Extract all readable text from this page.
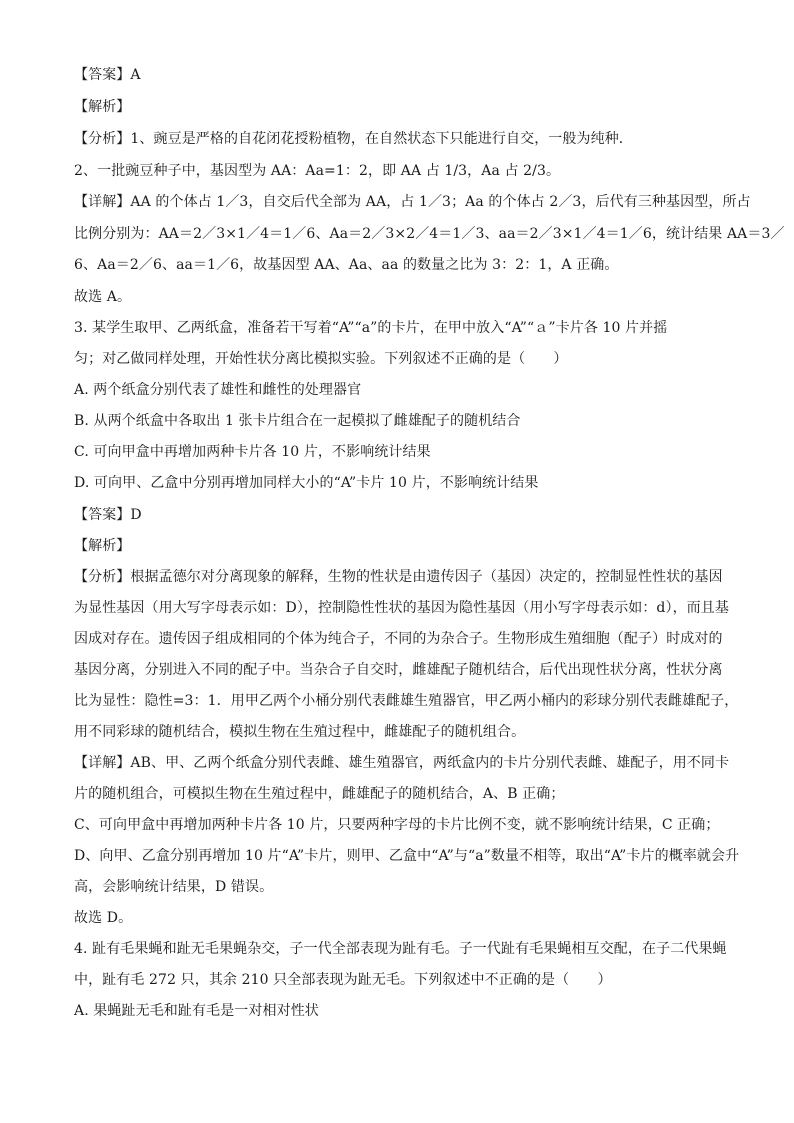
【答案】A
【解析】
【分析】1、豌豆是严格的自花闭花授粉植物，在自然状态下只能进行自交，一般为纯种．
2、一批豌豆种子中，基因型为 AA：Aa=1：2，即 AA 占 1/3，Aa 占 2/3。
【详解】AA 的个体占 1／3，自交后代全部为 AA，占 1／3；Aa 的个体占 2／3，后代有三种基因型，所占
比例分别为：AA＝2／3×1／4＝1／6、Aa＝2／3×2／4＝1／3、aa＝2／3×1／4＝1／6，统计结果 AA＝3／
6、Aa＝2／6、aa＝1／6，故基因型 AA、Aa、aa 的数量之比为 3：2：1，A 正确。
故选 A。
3. 某学生取甲、乙两纸盒，准备若干写着“A”“a”的卡片，在甲中放入“A”“ａ”卡片各 10 片并摇
匀；对乙做同样处理，开始性状分离比模拟实验。下列叙述不正确的是（　　）
A. 两个纸盒分别代表了雄性和雌性的处理器官
B. 从两个纸盒中各取出 1 张卡片组合在一起模拟了雌雄配子的随机结合
C. 可向甲盒中再增加两种卡片各 10 片，不影响统计结果
D. 可向甲、乙盒中分别再增加同样大小的“A”卡片 10 片，不影响统计结果
【答案】D
【解析】
【分析】根据孟德尔对分离现象的解释，生物的性状是由遗传因子（基因）决定的，控制显性性状的基因
为显性基因（用大写字母表示如：D），控制隐性性状的基因为隐性基因（用小写字母表示如：d），而且基
因成对存在。遗传因子组成相同的个体为纯合子，不同的为杂合子。生物形成生殖细胞（配子）时成对的
基因分离，分别进入不同的配子中。当杂合子自交时，雌雄配子随机结合，后代出现性状分离，性状分离
比为显性：隐性=3：1．用甲乙两个小桶分别代表雌雄生殖器官，甲乙两小桶内的彩球分别代表雌雄配子，
用不同彩球的随机结合，模拟生物在生殖过程中，雌雄配子的随机组合。
【详解】AB、甲、乙两个纸盒分别代表雌、雄生殖器官，两纸盒内的卡片分别代表雌、雄配子，用不同卡
片的随机组合，可模拟生物在生殖过程中，雌雄配子的随机结合，A、B 正确；
C、可向甲盒中再增加两种卡片各 10 片，只要两种字母的卡片比例不变，就不影响统计结果，C 正确；
D、向甲、乙盒分别再增加 10 片“A”卡片，则甲、乙盒中“A”与“a”数量不相等，取出“A”卡片的概率就会升
高，会影响统计结果，D 错误。
故选 D。
4. 趾有毛果蝇和趾无毛果蝇杂交，子一代全部表现为趾有毛。子一代趾有毛果蝇相互交配，在子二代果蝇
中，趾有毛 272 只，其余 210 只全部表现为趾无毛。下列叙述中不正确的是（　　）
A. 果蝇趾无毛和趾有毛是一对相对性状
